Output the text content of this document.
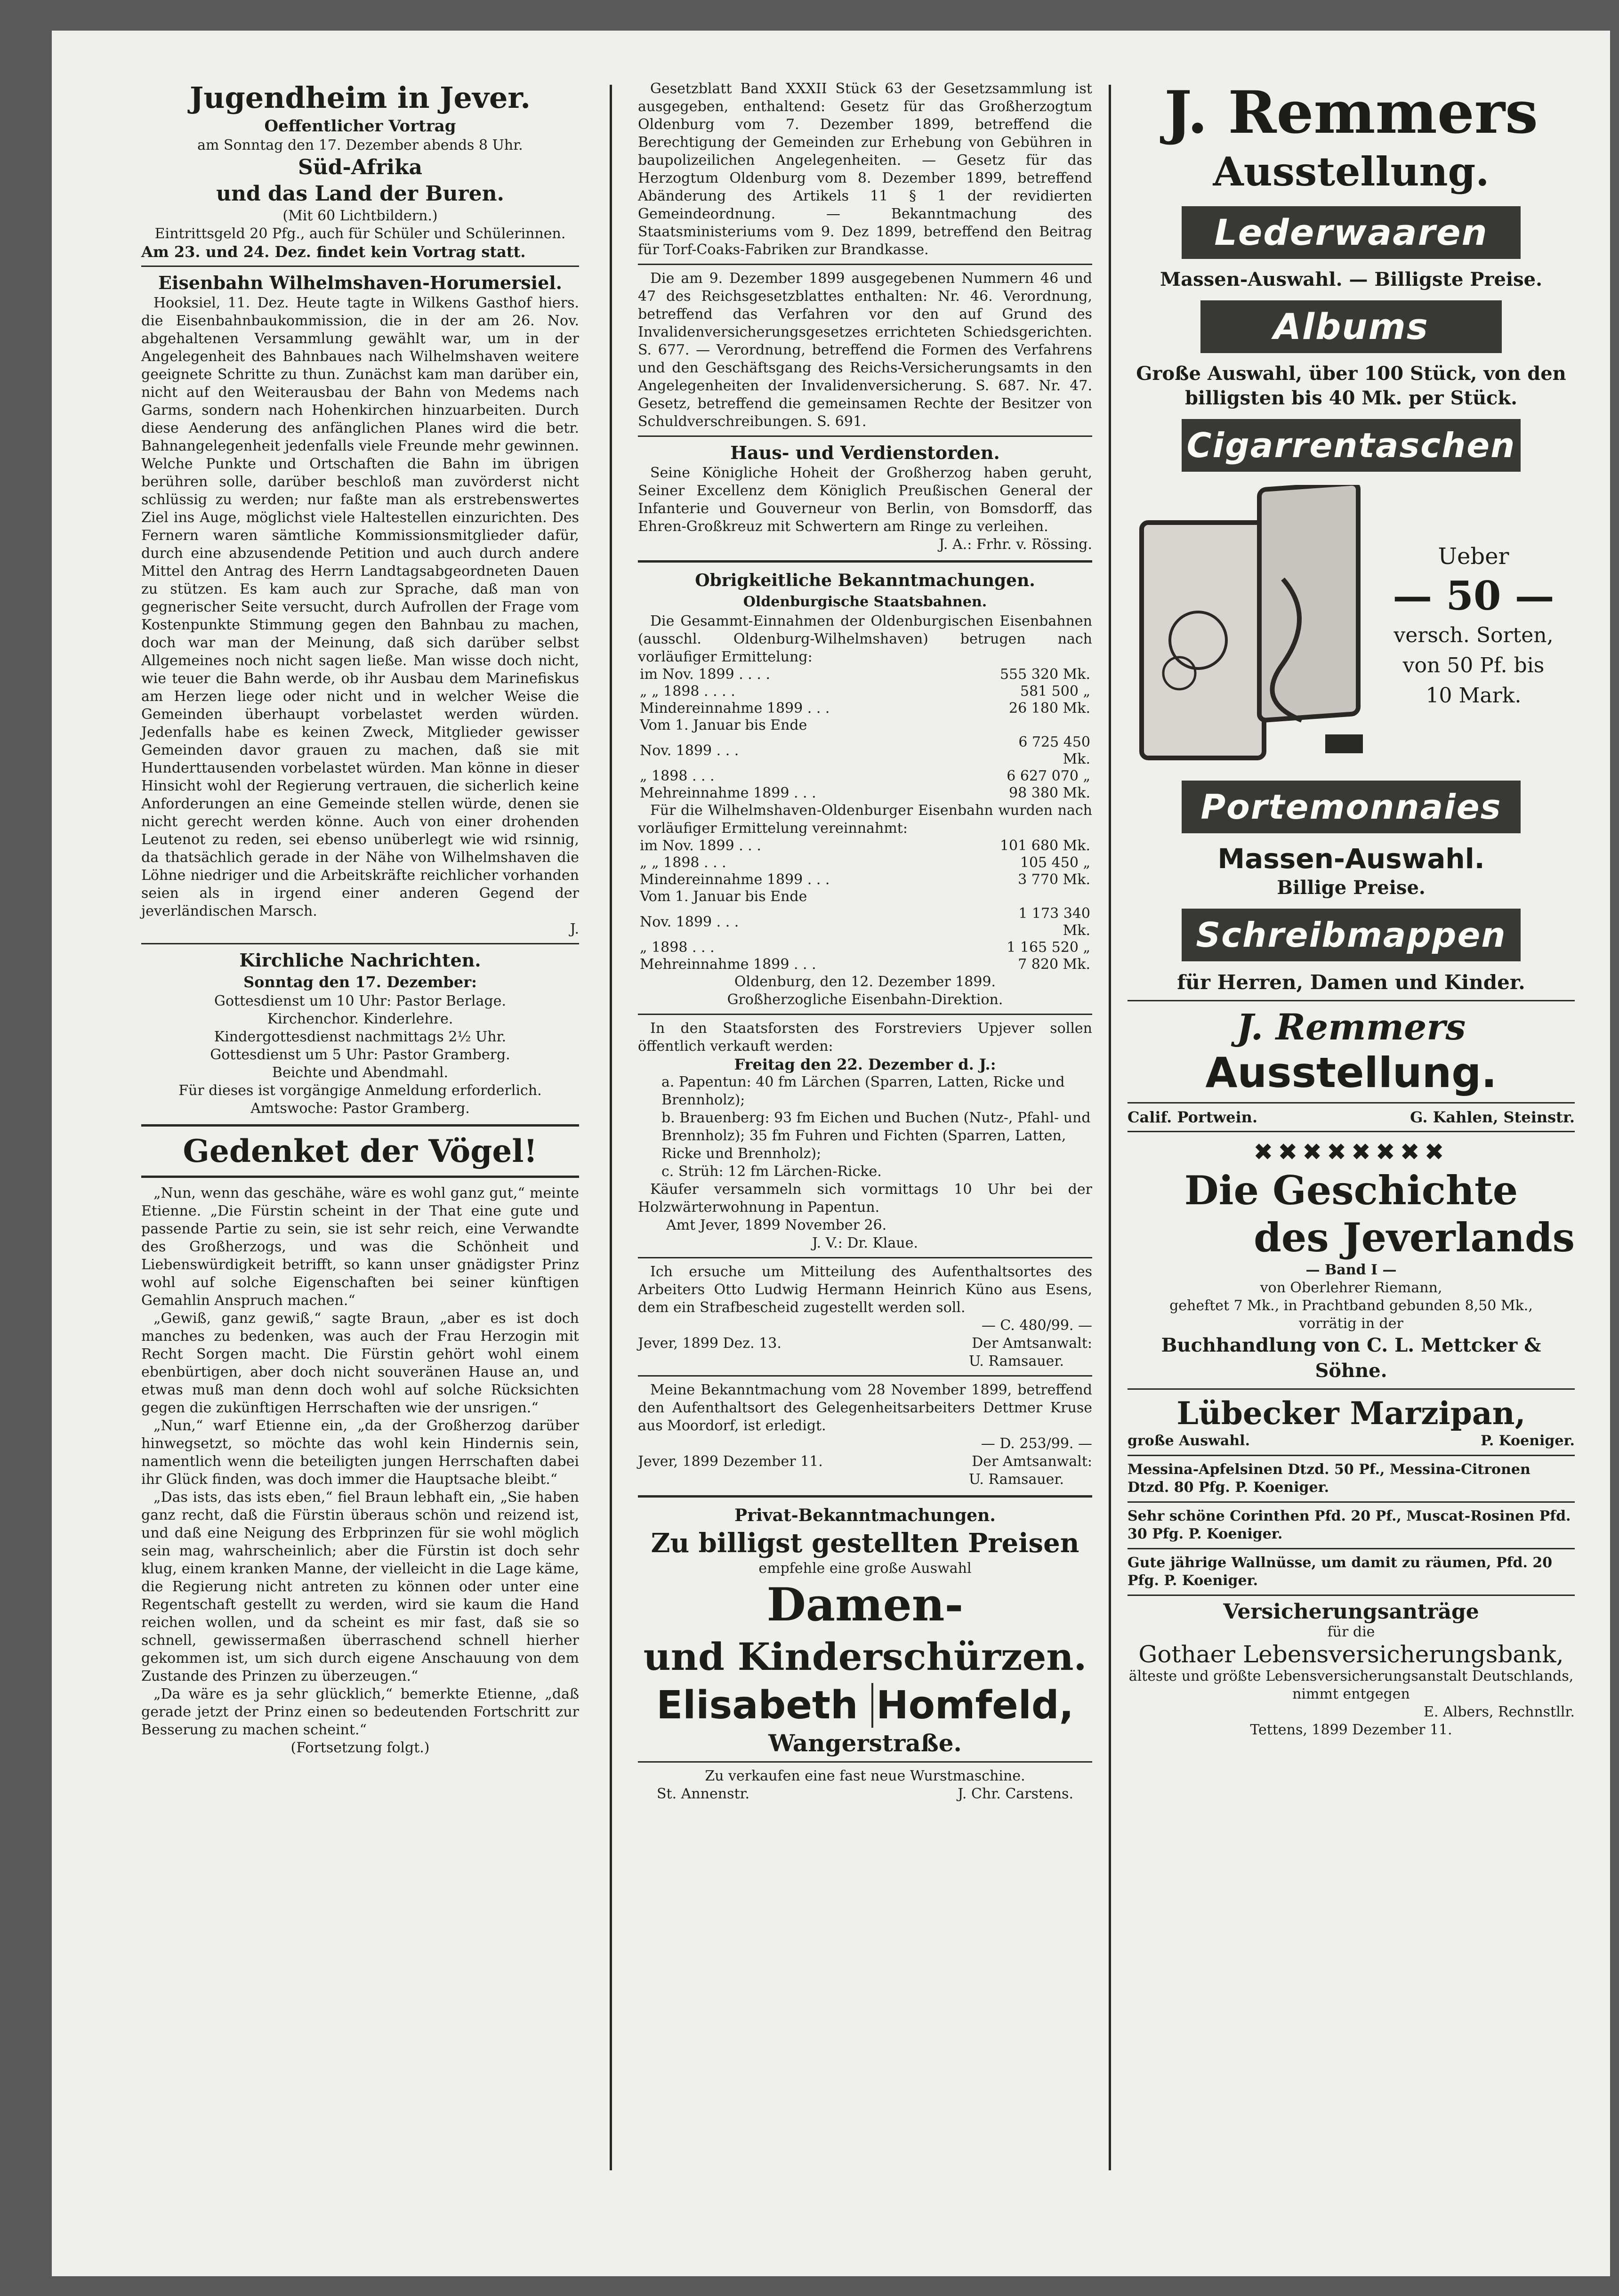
Jugendheim in Jever.
Oeffentlicher Vortrag
am Sonntag den 17. Dezember abends 8 Uhr.
Süd-Afrika
und das Land der Buren.
(Mit 60 Lichtbildern.)
Eintrittsgeld 20 Pfg., auch für Schüler und Schülerinnen.
Am 23. und 24. Dez. findet kein Vortrag statt.
Eisenbahn Wilhelmshaven-Horumersiel.

Hooksiel, 11. Dez. Heute tagte in Wilkens Gasthof hiers. die Eisenbahnbaukommission, die in der am 26. Nov. abgehaltenen Versammlung gewählt war, um in der Angelegenheit des Bahnbaues nach Wilhelmshaven weitere geeignete Schritte zu thun. Zunächst kam man darüber ein, nicht auf den Weiterausbau der Bahn von Medems nach Garms, sondern nach Hohenkirchen hinzuarbeiten. Durch diese Aenderung des anfänglichen Planes wird die betr. Bahnangelegenheit jedenfalls viele Freunde mehr gewinnen. Welche Punkte und Ortschaften die Bahn im übrigen berühren solle, darüber beschloß man zuvörderst nicht schlüssig zu werden; nur faßte man als erstrebenswertes Ziel ins Auge, möglichst viele Haltestellen einzurichten. Des Fernern waren sämtliche Kommissionsmitglieder dafür, durch eine abzusendende Petition und auch durch andere Mittel den Antrag des Herrn Landtagsabgeordneten Dauen zu stützen. Es kam auch zur Sprache, daß man von gegnerischer Seite versucht, durch Aufrollen der Frage vom Kostenpunkte Stimmung gegen den Bahnbau zu machen, doch war man der Meinung, daß sich darüber selbst Allgemeines noch nicht sagen ließe. Man wisse doch nicht, wie teuer die Bahn werde, ob ihr Ausbau dem Marinefiskus am Herzen liege oder nicht und in welcher Weise die Gemeinden überhaupt vorbelastet werden würden. Jedenfalls habe es keinen Zweck, Mitglieder gewisser Gemeinden davor grauen zu machen, daß sie mit Hunderttausenden vorbelastet würden. Man könne in dieser Hinsicht wohl der Regierung vertrauen, die sicherlich keine Anforderungen an eine Gemeinde stellen würde, denen sie nicht gerecht werden könne. Auch von einer drohenden Leutenot zu reden, sei ebenso unüberlegt wie wid rsinnig, da thatsächlich gerade in der Nähe von Wilhelmshaven die Löhne niedriger und die Arbeitskräfte reichlicher vorhanden seien als in irgend einer anderen Gegend der jeverländischen Marsch.

J.
Kirchliche Nachrichten.
Sonntag den 17. Dezember:
Gottesdienst um 10 Uhr: Pastor Berlage.
Kirchenchor. Kinderlehre.
Kindergottesdienst nachmittags 2½ Uhr.
Gottesdienst um 5 Uhr: Pastor Gramberg.
Beichte und Abendmahl.
Für dieses ist vorgängige Anmeldung erforderlich.
Amtswoche: Pastor Gramberg.
Gedenket der Vögel!

„Nun, wenn das geschähe, wäre es wohl ganz gut,“ meinte Etienne. „Die Fürstin scheint in der That eine gute und passende Partie zu sein, sie ist sehr reich, eine Verwandte des Großherzogs, und was die Schönheit und Liebenswürdigkeit betrifft, so kann unser gnädigster Prinz wohl auf solche Eigenschaften bei seiner künftigen Gemahlin Anspruch machen.“

„Gewiß, ganz gewiß,“ sagte Braun, „aber es ist doch manches zu bedenken, was auch der Frau Herzogin mit Recht Sorgen macht. Die Fürstin gehört wohl einem ebenbürtigen, aber doch nicht souveränen Hause an, und etwas muß man denn doch wohl auf solche Rücksichten gegen die zukünftigen Herrschaften wie der unsrigen.“

„Nun,“ warf Etienne ein, „da der Großherzog darüber hinwegsetzt, so möchte das wohl kein Hindernis sein, namentlich wenn die beteiligten jungen Herrschaften dabei ihr Glück finden, was doch immer die Hauptsache bleibt.“

„Das ists, das ists eben,“ fiel Braun lebhaft ein, „Sie haben ganz recht, daß die Fürstin überaus schön und reizend ist, und daß eine Neigung des Erbprinzen für sie wohl möglich sein mag, wahrscheinlich; aber die Fürstin ist doch sehr klug, einem kranken Manne, der vielleicht in die Lage käme, die Regierung nicht antreten zu können oder unter eine Regentschaft gestellt zu werden, wird sie kaum die Hand reichen wollen, und da scheint es mir fast, daß sie so schnell, gewissermaßen überraschend schnell hierher gekommen ist, um sich durch eigene Anschauung von dem Zustande des Prinzen zu überzeugen.“

„Da wäre es ja sehr glücklich,“ bemerkte Etienne, „daß gerade jetzt der Prinz einen so bedeutenden Fortschritt zur Besserung zu machen scheint.“

(Fortsetzung folgt.)

Gesetzblatt Band XXXII Stück 63 der Gesetzsammlung ist ausgegeben, enthaltend: Gesetz für das Großherzogtum Oldenburg vom 7. Dezember 1899, betreffend die Berechtigung der Gemeinden zur Erhebung von Gebühren in baupolizeilichen Angelegenheiten. — Gesetz für das Herzogtum Oldenburg vom 8. Dezember 1899, betreffend Abänderung des Artikels 11 § 1 der revidierten Gemeindeordnung. — Bekanntmachung des Staatsministeriums vom 9. Dez 1899, betreffend den Beitrag für Torf-Coaks-Fabriken zur Brandkasse.

Die am 9. Dezember 1899 ausgegebenen Nummern 46 und 47 des Reichsgesetzblattes enthalten: Nr. 46. Verordnung, betreffend das Verfahren vor den auf Grund des Invalidenversicherungsgesetzes errichteten Schiedsgerichten. S. 677. — Verordnung, betreffend die Formen des Verfahrens und den Geschäftsgang des Reichs-Versicherungsamts in den Angelegenheiten der Invalidenversicherung. S. 687. Nr. 47. Gesetz, betreffend die gemeinsamen Rechte der Besitzer von Schuldverschreibungen. S. 691.

Haus- und Verdienstorden.

Seine Königliche Hoheit der Großherzog haben geruht, Seiner Excellenz dem Königlich Preußischen General der Infanterie und Gouverneur von Berlin, von Bomsdorff, das Ehren-Großkreuz mit Schwertern am Ringe zu verleihen.

J. A.: Frhr. v. Rössing.
Obrigkeitliche Bekanntmachungen.
Oldenburgische Staatsbahnen.

Die Gesammt-Einnahmen der Oldenburgischen Eisenbahnen (ausschl. Oldenburg-Wilhelmshaven) betrugen nach vorläufiger Ermittelung:

im Nov. 1899 . . . .	555 320 Mk.
„ „ 1898 . . . .	581 500 „
Mindereinnahme 1899 . . .	26 180 Mk.
Vom 1. Januar bis Ende	
Nov. 1899 . . .	6 725 450 Mk.
„ 1898 . . .	6 627 070 „
Mehreinnahme 1899 . . .	98 380 Mk.

Für die Wilhelmshaven-Oldenburger Eisenbahn wurden nach vorläufiger Ermittelung vereinnahmt:

im Nov. 1899 . . .	101 680 Mk.
„ „ 1898 . . .	105 450 „
Mindereinnahme 1899 . . .	3 770 Mk.
Vom 1. Januar bis Ende	
Nov. 1899 . . .	1 173 340 Mk.
„ 1898 . . .	1 165 520 „
Mehreinnahme 1899 . . .	7 820 Mk.
Oldenburg, den 12. Dezember 1899.
Großherzogliche Eisenbahn-Direktion.

In den Staatsforsten des Forstreviers Upjever sollen öffentlich verkauft werden:

Freitag den 22. Dezember d. J.:
a. Papentun: 40 fm Lärchen (Sparren, Latten, Ricke und Brennholz);
b. Brauenberg: 93 fm Eichen und Buchen (Nutz-, Pfahl- und Brennholz); 35 fm Fuhren und Fichten (Sparren, Latten, Ricke und Brennholz);
c. Strüh: 12 fm Lärchen-Ricke.

Käufer versammeln sich vormittags 10 Uhr bei der Holzwärterwohnung in Papentun.

Amt Jever, 1899 November 26.
J. V.: Dr. Klaue.

Ich ersuche um Mitteilung des Aufenthaltsortes des Arbeiters Otto Ludwig Hermann Heinrich Küno aus Esens, dem ein Strafbescheid zugestellt werden soll.

— C. 480/99. —
Jever, 1899 Dez. 13.	Der Amtsanwalt:
U. Ramsauer.

Meine Bekanntmachung vom 28 November 1899, betreffend den Aufenthaltsort des Gelegenheitsarbeiters Dettmer Kruse aus Moordorf, ist erledigt.

— D. 253/99. —
Jever, 1899 Dezember 11.	Der Amtsanwalt:
U. Ramsauer.
Privat-Bekanntmachungen.
Zu billigst gestellten Preisen
empfehle eine große Auswahl
Damen-
und Kinderschürzen.
Elisabeth Homfeld,
Wangerstraße.
Zu verkaufen eine fast neue Wurstmaschine.
St. Annenstr.	J. Chr. Carstens.
J. Remmers
Ausstellung.
Lederwaaren
Massen-Auswahl. — Billigste Preise.
Albums
Große Auswahl, über 100 Stück, von den billigsten bis 40 Mk. per Stück.
Cigarrentaschen
Ueber
— 50 —
versch. Sorten,
von 50 Pf. bis
10 Mark.
Portemonnaies
Massen-Auswahl.
Billige Preise.
Schreibmappen
für Herren, Damen und Kinder.
J. Remmers
Ausstellung.
Calif. Portwein.	G. Kahlen, Steinstr.
✖✖✖✖✖✖✖✖
Die Geschichte
des Jeverlands
— Band I —
von Oberlehrer Riemann,
geheftet 7 Mk., in Prachtband gebunden 8,50 Mk.,
vorrätig in der
Buchhandlung von C. L. Mettcker & Söhne.
Lübecker Marzipan,
große Auswahl.	P. Koeniger.
Messina-Apfelsinen Dtzd. 50 Pf., Messina-Citronen Dtzd. 80 Pfg. P. Koeniger.
Sehr schöne Corinthen Pfd. 20 Pf., Muscat-Rosinen Pfd. 30 Pfg. P. Koeniger.
Gute jährige Wallnüsse, um damit zu räumen, Pfd. 20 Pfg. P. Koeniger.
Versicherungsanträge
für die
Gothaer Lebensversicherungsbank,
älteste und größte Lebensversicherungsanstalt Deutschlands, nimmt entgegen
E. Albers, Rechnstllr.
Tettens, 1899 Dezember 11.
